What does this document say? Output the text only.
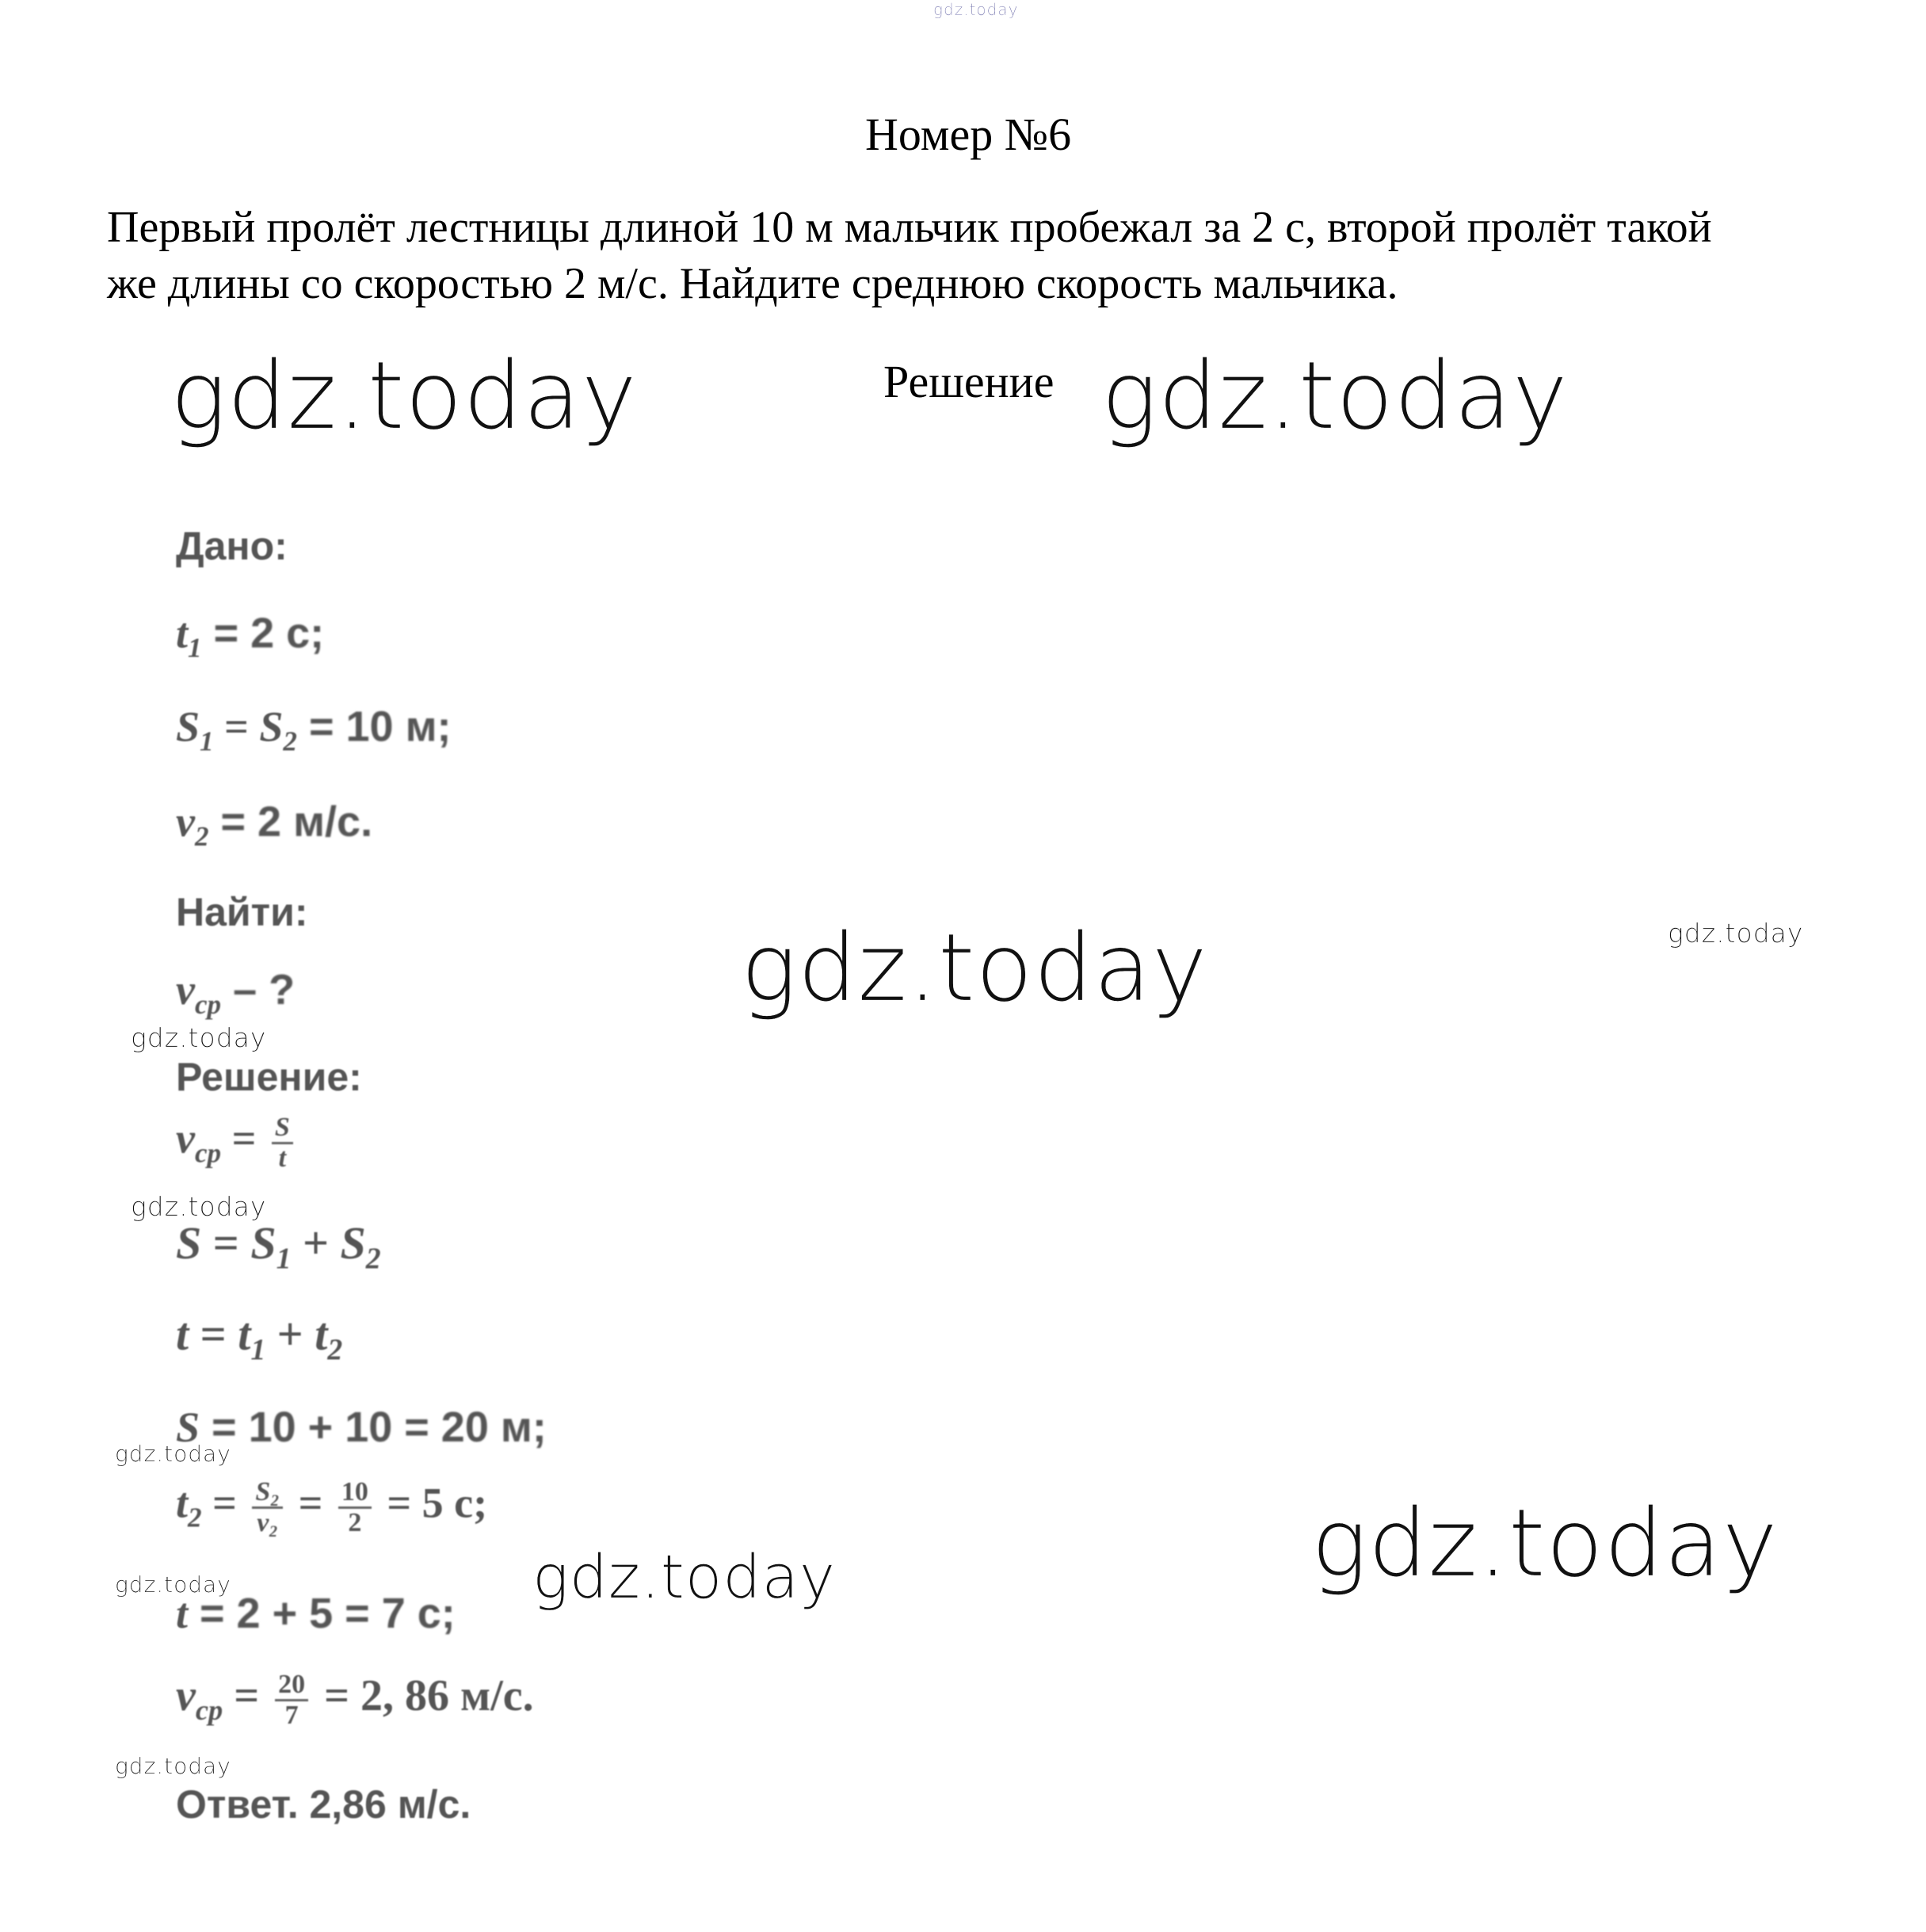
gdz.today
Номер №6
Первый пролёт лестницы длиной 10 м мальчик пробежал за 2 с, второй пролёт такой
же длины со скоростью 2 м/с. Найдите среднюю скорость мальчика.
Решение
gdz.today	gdz.today
gdz.today
gdz.today
gdz.today
gdz.today
gdz.today
gdz.today
gdz.today
gdz.today
gdz.today
Дано:
$t_1 = 2$ с;
$S_1 = S_2 = 10$ м;
$v_2 = 2$ м/с.
Найти:
$v_{ср}$ – ?
Решение:
$v_{ср} = \frac{S}{t}$
$S = S_1 + S_2$
$t = t_1 + t_2$
S = 10 + 10 = 20 м;
$t_2 = \frac{\text{S₂}}{\text{v₂}} = \frac{10}{2} = 5$ с;
t = 2 + 5 = 7 с;
$v_{ср} = \frac{20}{7} = 2$, 86 м/с.
Ответ. 2,86 м/с.
